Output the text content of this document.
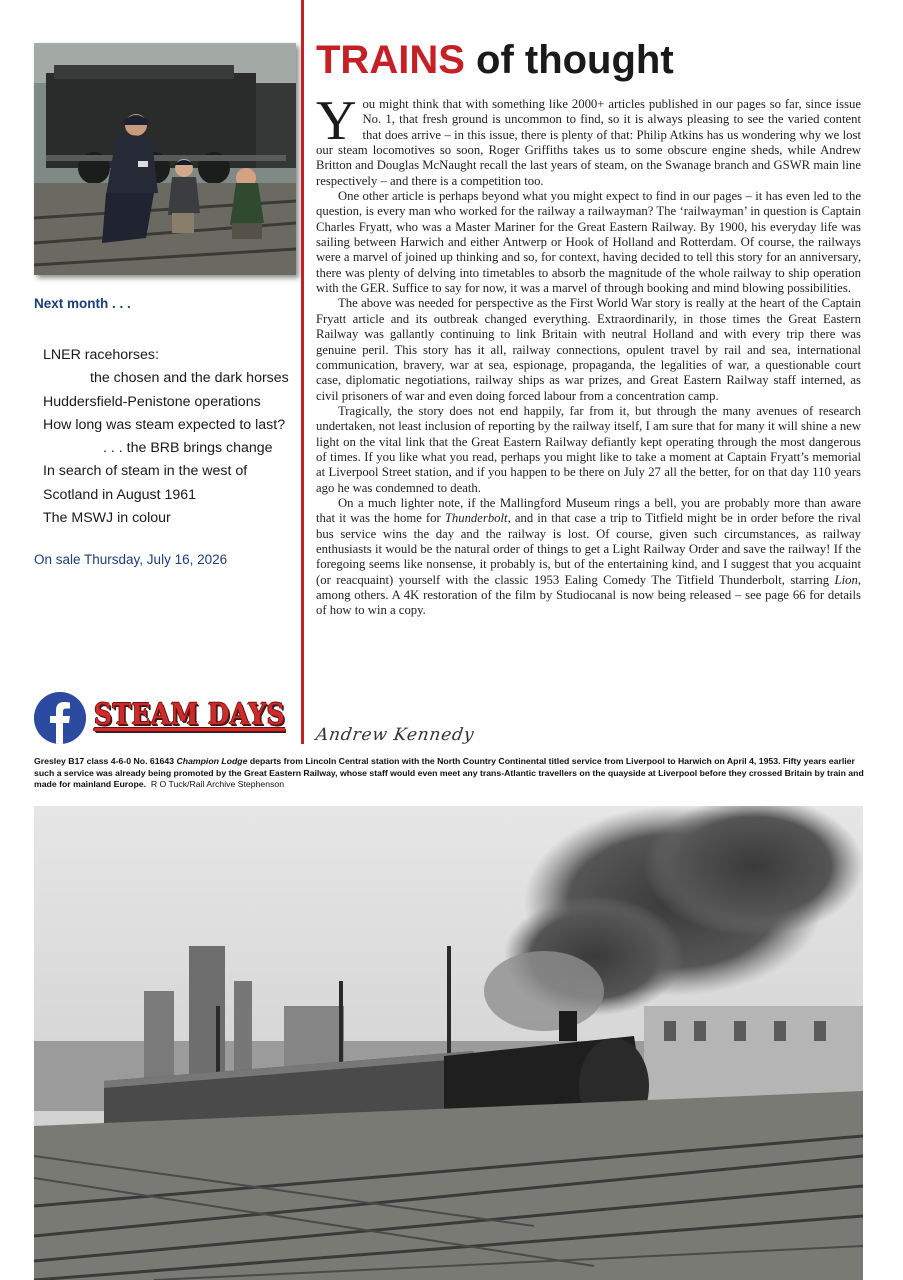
Next month . . .
LNER racehorses:
the chosen and the dark horses
Huddersfield-Penistone operations
How long was steam expected to last?
. . . the BRB brings change
In search of steam in the west of
Scotland in August 1961
The MSWJ in colour
On sale Thursday, July 16, 2026
STEAM DAYS
TRAINS of thought

You might think that with something like 2000+ articles published in our pages so far, since issue No. 1, that fresh ground is uncommon to find, so it is always pleasing to see the varied content that does arrive – in this issue, there is plenty of that: Philip Atkins has us wondering why we lost our steam locomotives so soon, Roger Griffiths takes us to some obscure engine sheds, while Andrew Britton and Douglas McNaught recall the last years of steam, on the Swanage branch and GSWR main line respectively – and there is a competition too.

One other article is perhaps beyond what you might expect to find in our pages – it has even led to the question, is every man who worked for the railway a railwayman? The ‘railwayman’ in question is Captain Charles Fryatt, who was a Master Mariner for the Great Eastern Railway. By 1900, his everyday life was sailing between Harwich and either Antwerp or Hook of Holland and Rotterdam. Of course, the railways were a marvel of joined up thinking and so, for context, having decided to tell this story for an anniversary, there was plenty of delving into timetables to absorb the magnitude of the whole railway to ship operation with the GER. Suffice to say for now, it was a marvel of through booking and mind blowing possibilities.

The above was needed for perspective as the First World War story is really at the heart of the Captain Fryatt article and its outbreak changed everything. Extraordinarily, in those times the Great Eastern Railway was gallantly continuing to link Britain with neutral Holland and with every trip there was genuine peril. This story has it all, railway connections, opulent travel by rail and sea, international communication, bravery, war at sea, espionage, propaganda, the legalities of war, a questionable court case, diplomatic negotiations, railway ships as war prizes, and Great Eastern Railway staff interned, as civil prisoners of war and even doing forced labour from a concentration camp.

Tragically, the story does not end happily, far from it, but through the many avenues of research undertaken, not least inclusion of reporting by the railway itself, I am sure that for many it will shine a new light on the vital link that the Great Eastern Railway defiantly kept operating through the most dangerous of times. If you like what you read, perhaps you might like to take a moment at Captain Fryatt’s memorial at Liverpool Street station, and if you happen to be there on July 27 all the better, for on that day 110 years ago he was condemned to death.

On a much lighter note, if the Mallingford Museum rings a bell, you are probably more than aware that it was the home for Thunderbolt, and in that case a trip to Titfield might be in order before the rival bus service wins the day and the railway is lost. Of course, given such circumstances, as railway enthusiasts it would be the natural order of things to get a Light Railway Order and save the railway! If the foregoing seems like nonsense, it probably is, but of the entertaining kind, and I suggest that you acquaint (or reacquaint) yourself with the classic 1953 Ealing Comedy The Titfield Thunderbolt, starring Lion, among others. A 4K restoration of the film by Studiocanal is now being released – see page 66 for details of how to win a copy.

Andrew Kennedy
Gresley B17 class 4-6-0 No. 61643 Champion Lodge departs from Lincoln Central station with the North Country Continental titled service from Liverpool to Harwich on April 4, 1953. Fifty years earlier such a service was already being promoted by the Great Eastern Railway, whose staff would even meet any trans-Atlantic travellers on the quayside at Liverpool before they crossed Britain by train and made for mainland Europe. R O Tuck/Rail Archive Stephenson
